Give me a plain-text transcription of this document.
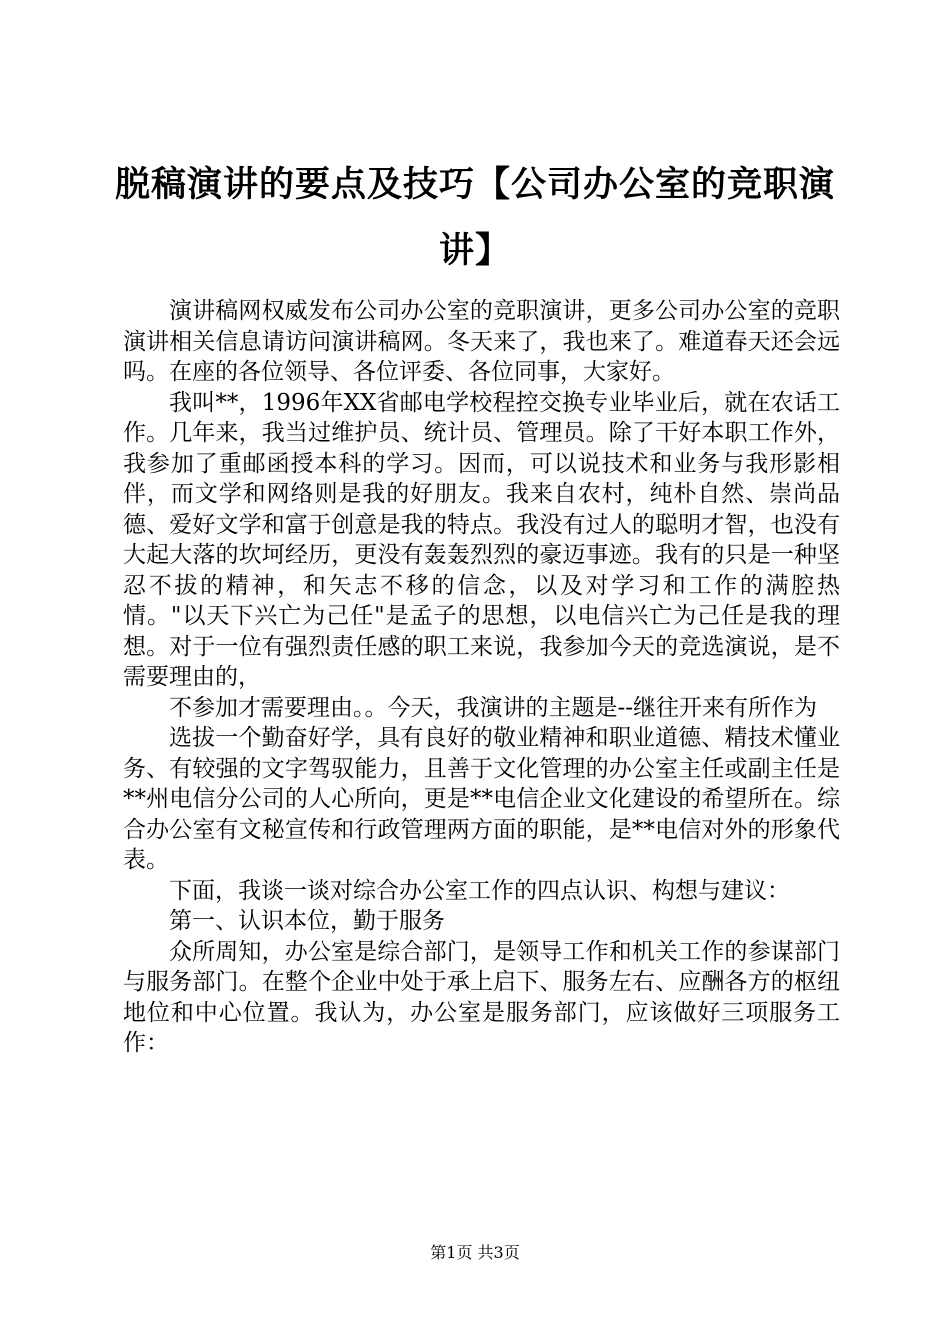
脱稿演讲的要点及技巧【公司办公室的竞职演讲】

演讲稿网权威发布公司办公室的竞职演讲，更多公司办公室的竞职演讲相关信息请访问演讲稿网。冬天来了，我也来了。难道春天还会远吗。在座的各位领导、各位评委、各位同事，大家好。

我叫**，1996年XX省邮电学校程控交换专业毕业后，就在农话工作。几年来，我当过维护员、统计员、管理员。除了干好本职工作外，我参加了重邮函授本科的学习。因而，可以说技术和业务与我形影相伴，而文学和网络则是我的好朋友。我来自农村，纯朴自然、崇尚品德、爱好文学和富于创意是我的特点。我没有过人的聪明才智，也没有大起大落的坎坷经历，更没有轰轰烈烈的豪迈事迹。我有的只是一种坚忍不拔的精神，和矢志不移的信念，以及对学习和工作的满腔热情。"以天下兴亡为己任"是孟子的思想，以电信兴亡为己任是我的理想。对于一位有强烈责任感的职工来说，我参加今天的竞选演说，是不需要理由的，

不参加才需要理由。。今天，我演讲的主题是--继往开来有所作为

选拔一个勤奋好学，具有良好的敬业精神和职业道德、精技术懂业务、有较强的文字驾驭能力，且善于文化管理的办公室主任或副主任是**州电信分公司的人心所向，更是**电信企业文化建设的希望所在。综合办公室有文秘宣传和行政管理两方面的职能，是**电信对外的形象代表。

下面，我谈一谈对综合办公室工作的四点认识、构想与建议：

第一、认识本位，勤于服务

众所周知，办公室是综合部门，是领导工作和机关工作的参谋部门与服务部门。在整个企业中处于承上启下、服务左右、应酬各方的枢纽地位和中心位置。我认为，办公室是服务部门，应该做好三项服务工作：

第1页 共3页
